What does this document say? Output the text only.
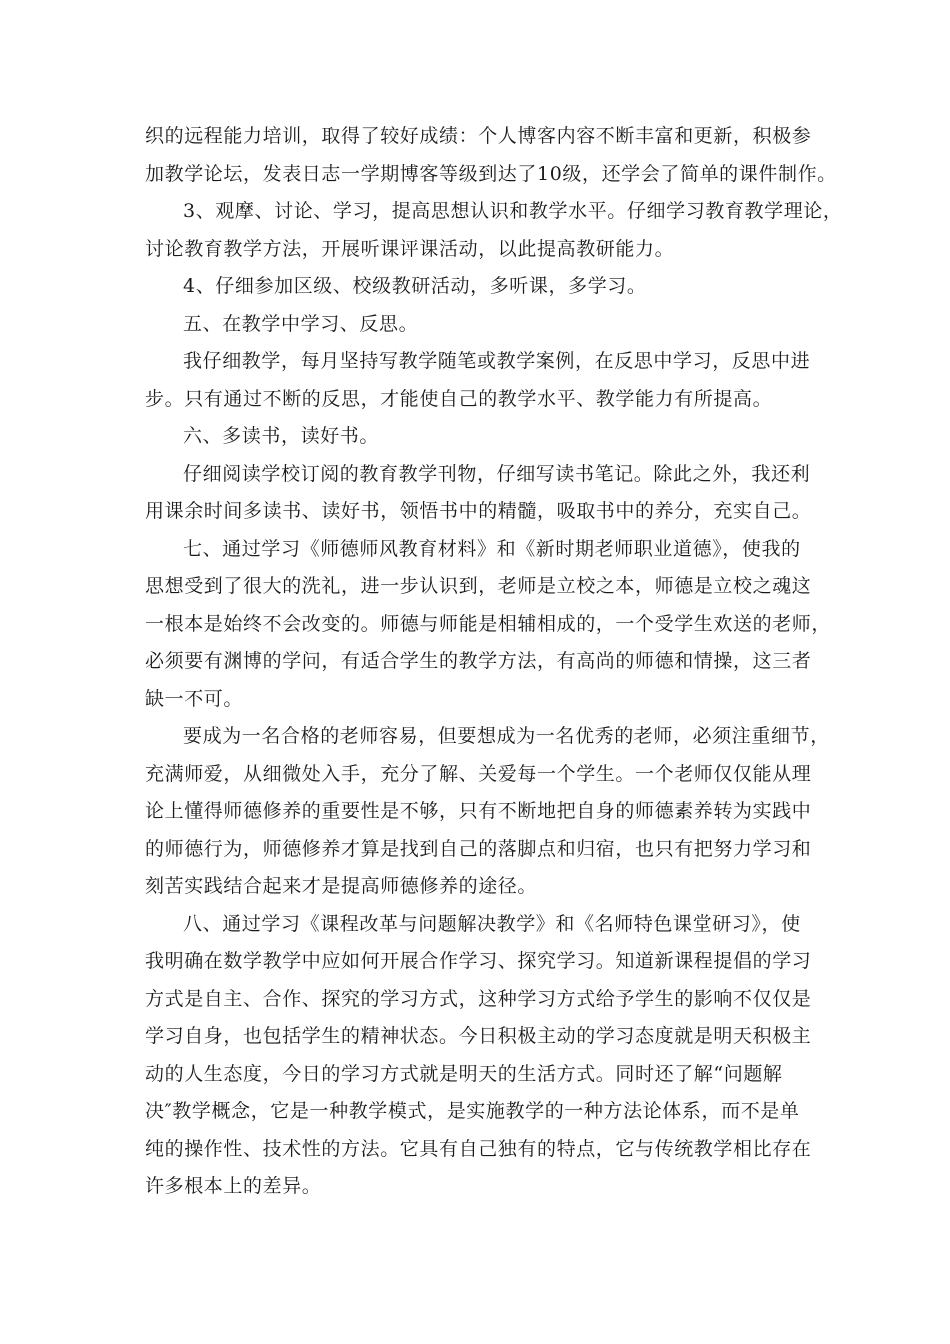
织的远程能力培训，取得了较好成绩：个人博客内容不断丰富和更新，积极参
加教学论坛，发表日志一学期博客等级到达了10级，还学会了简单的课件制作。
3、观摩、讨论、学习，提高思想认识和教学水平。仔细学习教育教学理论，
讨论教育教学方法，开展听课评课活动，以此提高教研能力。
4、仔细参加区级、校级教研活动，多听课，多学习。
五、在教学中学习、反思。
我仔细教学，每月坚持写教学随笔或教学案例，在反思中学习，反思中进
步。只有通过不断的反思，才能使自己的教学水平、教学能力有所提高。
六、多读书，读好书。
仔细阅读学校订阅的教育教学刊物，仔细写读书笔记。除此之外，我还利
用课余时间多读书、读好书，领悟书中的精髓，吸取书中的养分，充实自己。
七、通过学习《师德师风教育材料》和《新时期老师职业道德》，使我的
思想受到了很大的洗礼，进一步认识到，老师是立校之本，师德是立校之魂这
一根本是始终不会改变的。师德与师能是相辅相成的，一个受学生欢送的老师，
必须要有渊博的学问，有适合学生的教学方法，有高尚的师德和情操，这三者
缺一不可。
要成为一名合格的老师容易，但要想成为一名优秀的老师，必须注重细节，
充满师爱，从细微处入手，充分了解、关爱每一个学生。一个老师仅仅能从理
论上懂得师德修养的重要性是不够，只有不断地把自身的师德素养转为实践中
的师德行为，师德修养才算是找到自己的落脚点和归宿，也只有把努力学习和
刻苦实践结合起来才是提高师德修养的途径。
八、通过学习《课程改革与问题解决教学》和《名师特色课堂研习》，使
我明确在数学教学中应如何开展合作学习、探究学习。知道新课程提倡的学习
方式是自主、合作、探究的学习方式，这种学习方式给予学生的影响不仅仅是
学习自身，也包括学生的精神状态。今日积极主动的学习态度就是明天积极主
动的人生态度，今日的学习方式就是明天的生活方式。同时还了解“问题解
决″教学概念，它是一种教学模式，是实施教学的一种方法论体系，而不是单
纯的操作性、技术性的方法。它具有自己独有的特点，它与传统教学相比存在
许多根本上的差异。
